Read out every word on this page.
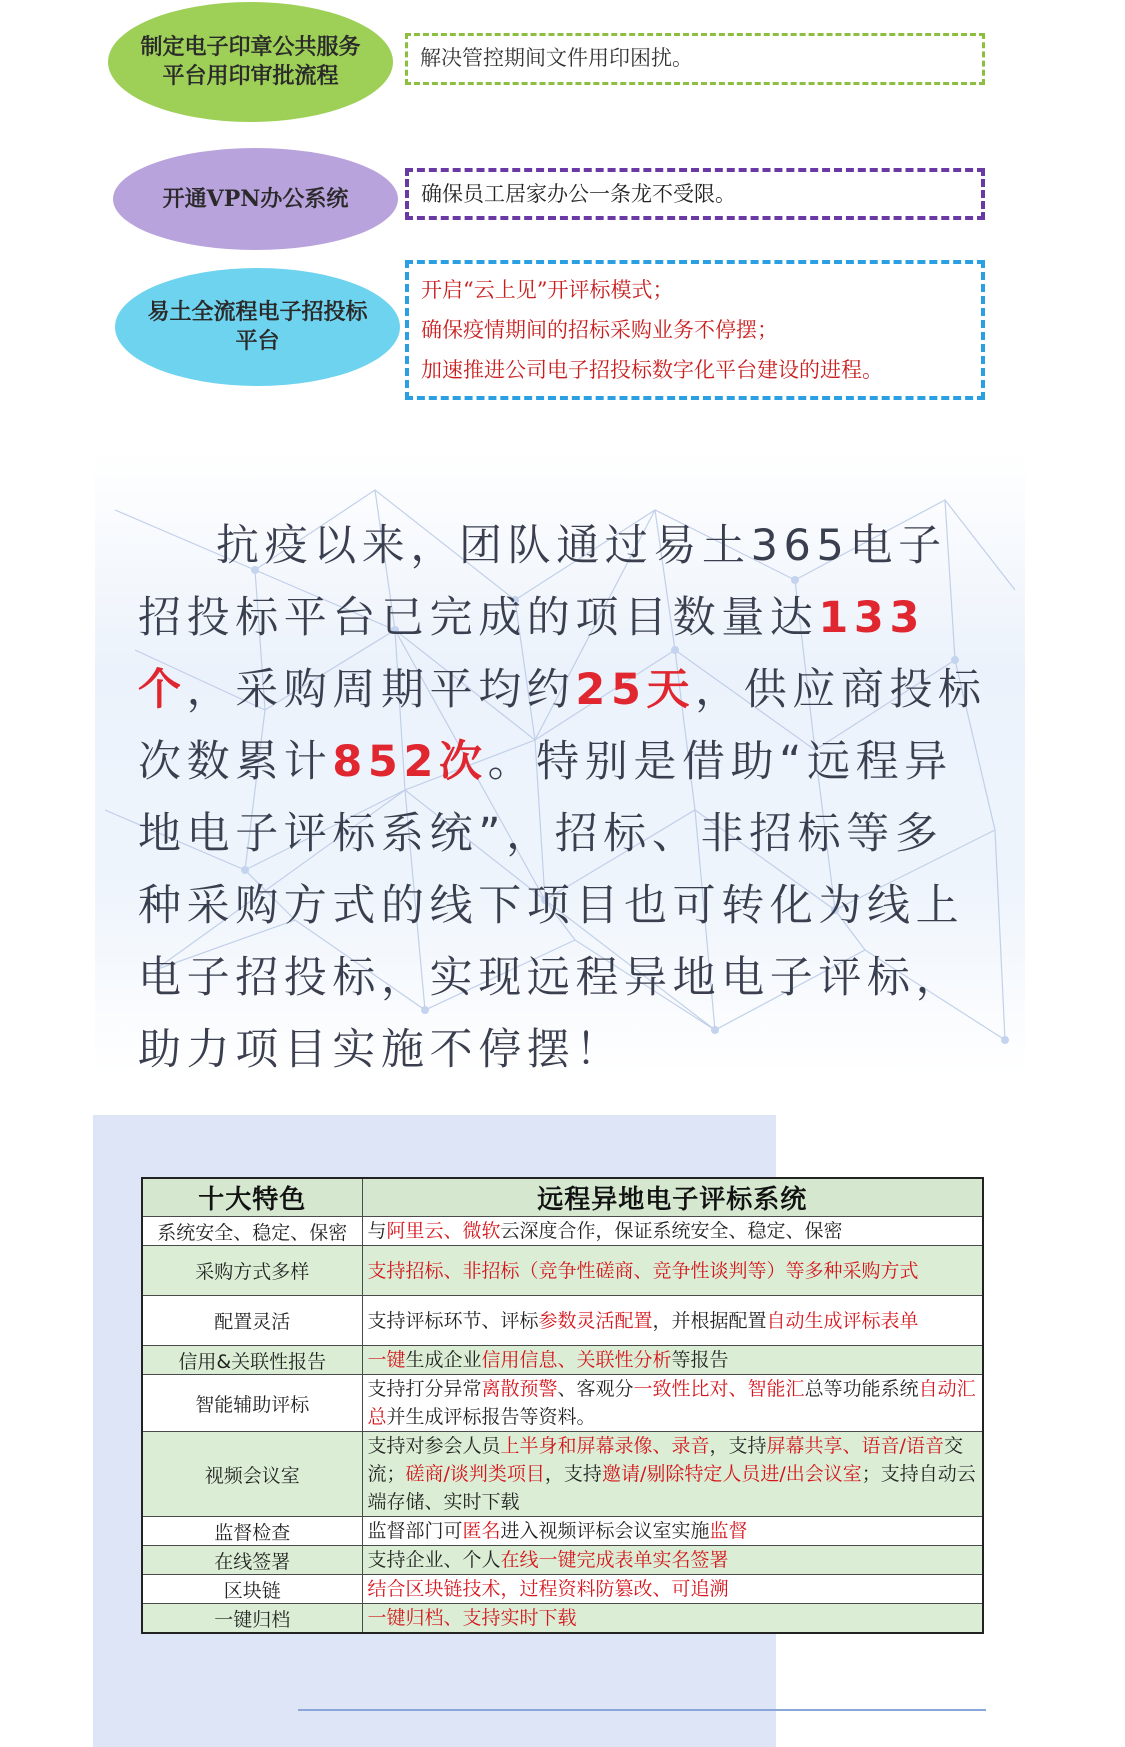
制定电子印章公共服务
平台用印审批流程
解决管控期间文件用印困扰。
开通VPN办公系统	确保员工居家办公一条龙不受限。
易土全流程电子招投标
平台
开启“云上见”开评标模式；
确保疫情期间的招标采购业务不停摆；
加速推进公司电子招投标数字化平台建设的进程。
抗疫以来，团队通过易土365电子
招投标平台已完成的项目数量达133
个，采购周期平均约25天，供应商投标
次数累计852次。特别是借助“远程异
地电子评标系统”，招标、非招标等多
种采购方式的线下项目也可转化为线上
电子招投标，实现远程异地电子评标，
助力项目实施不停摆！
十大特色	远程异地电子评标系统
系统安全、稳定、保密	与阿里云、微软云深度合作，保证系统安全、稳定、保密
采购方式多样	支持招标、非招标（竞争性磋商、竞争性谈判等）等多种采购方式
配置灵活	支持评标环节、评标参数灵活配置，并根据配置自动生成评标表单
信用&关联性报告	一键生成企业信用信息、关联性分析等报告
智能辅助评标	支持打分异常离散预警、客观分一致性比对、智能汇总等功能系统自动汇总并生成评标报告等资料。
视频会议室	支持对参会人员上半身和屏幕录像、录音，支持屏幕共享、语音/语音交流；磋商/谈判类项目，支持邀请/剔除特定人员进/出会议室；支持自动云端存储、实时下载
监督检查	监督部门可匿名进入视频评标会议室实施监督
在线签署	支持企业、个人在线一键完成表单实名签署
区块链	结合区块链技术，过程资料防篡改、可追溯
一键归档	一键归档、支持实时下载
